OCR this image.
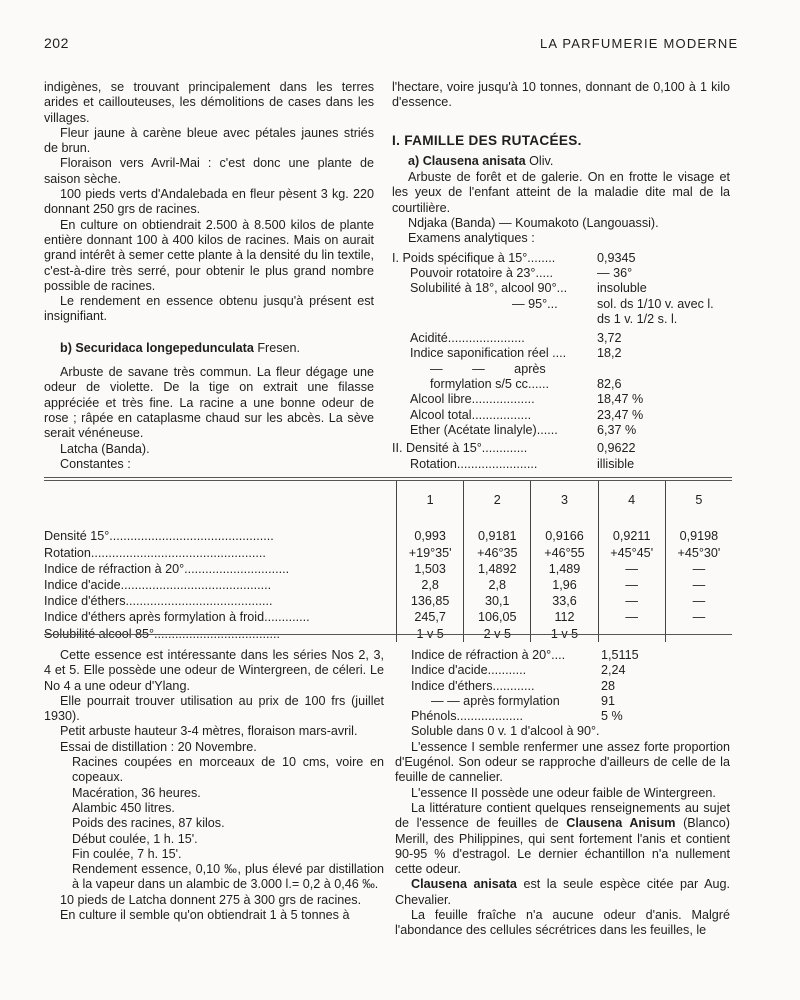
202	LA PARFUMERIE MODERNE

indigènes, se trouvant principalement dans les terres arides et caillouteuses, les démolitions de cases dans les villages.

Fleur jaune à carène bleue avec pétales jaunes striés de brun.

Floraison vers Avril-Mai : c'est donc une plante de saison sèche.

100 pieds verts d'Andalebada en fleur pèsent 3 kg. 220 donnant 250 grs de racines.

En culture on obtiendrait 2.500 à 8.500 kilos de plante entière donnant 100 à 400 kilos de racines. Mais on aurait grand intérêt à semer cette plante à la densité du lin textile, c'est-à-dire très serré, pour obtenir le plus grand nombre possible de racines.

Le rendement en essence obtenu jusqu'à présent est insignifiant.

b) Securidaca longepedunculata Fresen.

Arbuste de savane très commun. La fleur dégage une odeur de violette. De la tige on extrait une filasse appréciée et très fine. La racine a une bonne odeur de rose ; râpée en cataplasme chaud sur les abcès. La sève serait vénéneuse.

Latcha (Banda).

Constantes :

l'hectare, voire jusqu'à 10 tonnes, donnant de 0,100 à 1 kilo d'essence.

I. FAMILLE DES RUTACÉES.

a) Clausena anisata Oliv.

Arbuste de forêt et de galerie. On en frotte le visage et les yeux de l'enfant atteint de la maladie dite mal de la courtilière.

Ndjaka (Banda) — Koumakoto (Langouassi).

Examens analytiques :

I. Poids spécifique à 15°........	0,9345
Pouvoir rotatoire à 23°.....	— 36°
Solubilité à 18°, alcool 90°...	insoluble
— 95°...	sol. ds 1/10 v. avec l.
ds 1 v. 1/2 s. l.
Acidité......................	3,72
Indice saponification réel ....	18,2
— — après
formylation s/5 cc......	82,6
Alcool libre..................	18,47 %
Alcool total.................	23,47 %
Ether (Acétate linalyle)......	6,37 %
II. Densité à 15°.............	0,9622
Rotation.......................	illisible
	1	2	3	4	5

Densité 15°...............................................	0,993	0,9181	0,9166	0,9211	0,9198
Rotation..................................................	+19°35'	+46°35	+46°55	+45°45'	+45°30'
Indice de réfraction à 20°..............................	1,503	1,4892	1,489	—	—
Indice d'acide...........................................	2,8	2,8	1,96	—	—
Indice d'éthers..........................................	136,85	30,1	33,6	—	—
Indice d'éthers après formylation à froid.............	245,7	106,05	112	—	—
Solubilité alcool 85°....................................	1 v 5	2 v 5	1 v 5	—	—

Cette essence est intéressante dans les séries Nos 2, 3, 4 et 5. Elle possède une odeur de Wintergreen, de céleri. Le No 4 a une odeur d'Ylang.

Elle pourrait trouver utilisation au prix de 100 frs (juillet 1930).

Petit arbuste hauteur 3-4 mètres, floraison mars-avril.

Essai de distillation : 20 Novembre.

Racines coupées en morceaux de 10 cms, voire en copeaux.

Macération, 36 heures.

Alambic 450 litres.

Poids des racines, 87 kilos.

Début coulée, 1 h. 15'.

Fin coulée, 7 h. 15'.

Rendement essence, 0,10 ‰, plus élevé par distillation à la vapeur dans un alambic de 3.000 l.= 0,2 à 0,46 ‰.

10 pieds de Latcha donnent 275 à 300 grs de racines.

En culture il semble qu'on obtiendrait 1 à 5 tonnes à

Indice de réfraction à 20°....	1,5115
Indice d'acide...........	2,24
Indice d'éthers............	28
— — après formylation	91
Phénols...................	5 %
Soluble dans 0 v. 1 d'alcool à 90°.

L'essence I semble renfermer une assez forte proportion d'Eugénol. Son odeur se rapproche d'ailleurs de celle de la feuille de cannelier.

L'essence II possède une odeur faible de Wintergreen.

La littérature contient quelques renseignements au sujet de l'essence de feuilles de Clausena Anisum (Blanco) Merill, des Philippines, qui sent fortement l'anis et contient 90-95 % d'estragol. Le dernier échantillon n'a nullement cette odeur.

Clausena anisata est la seule espèce citée par Aug. Chevalier.

La feuille fraîche n'a aucune odeur d'anis. Malgré l'abondance des cellules sécrétrices dans les feuilles, le
